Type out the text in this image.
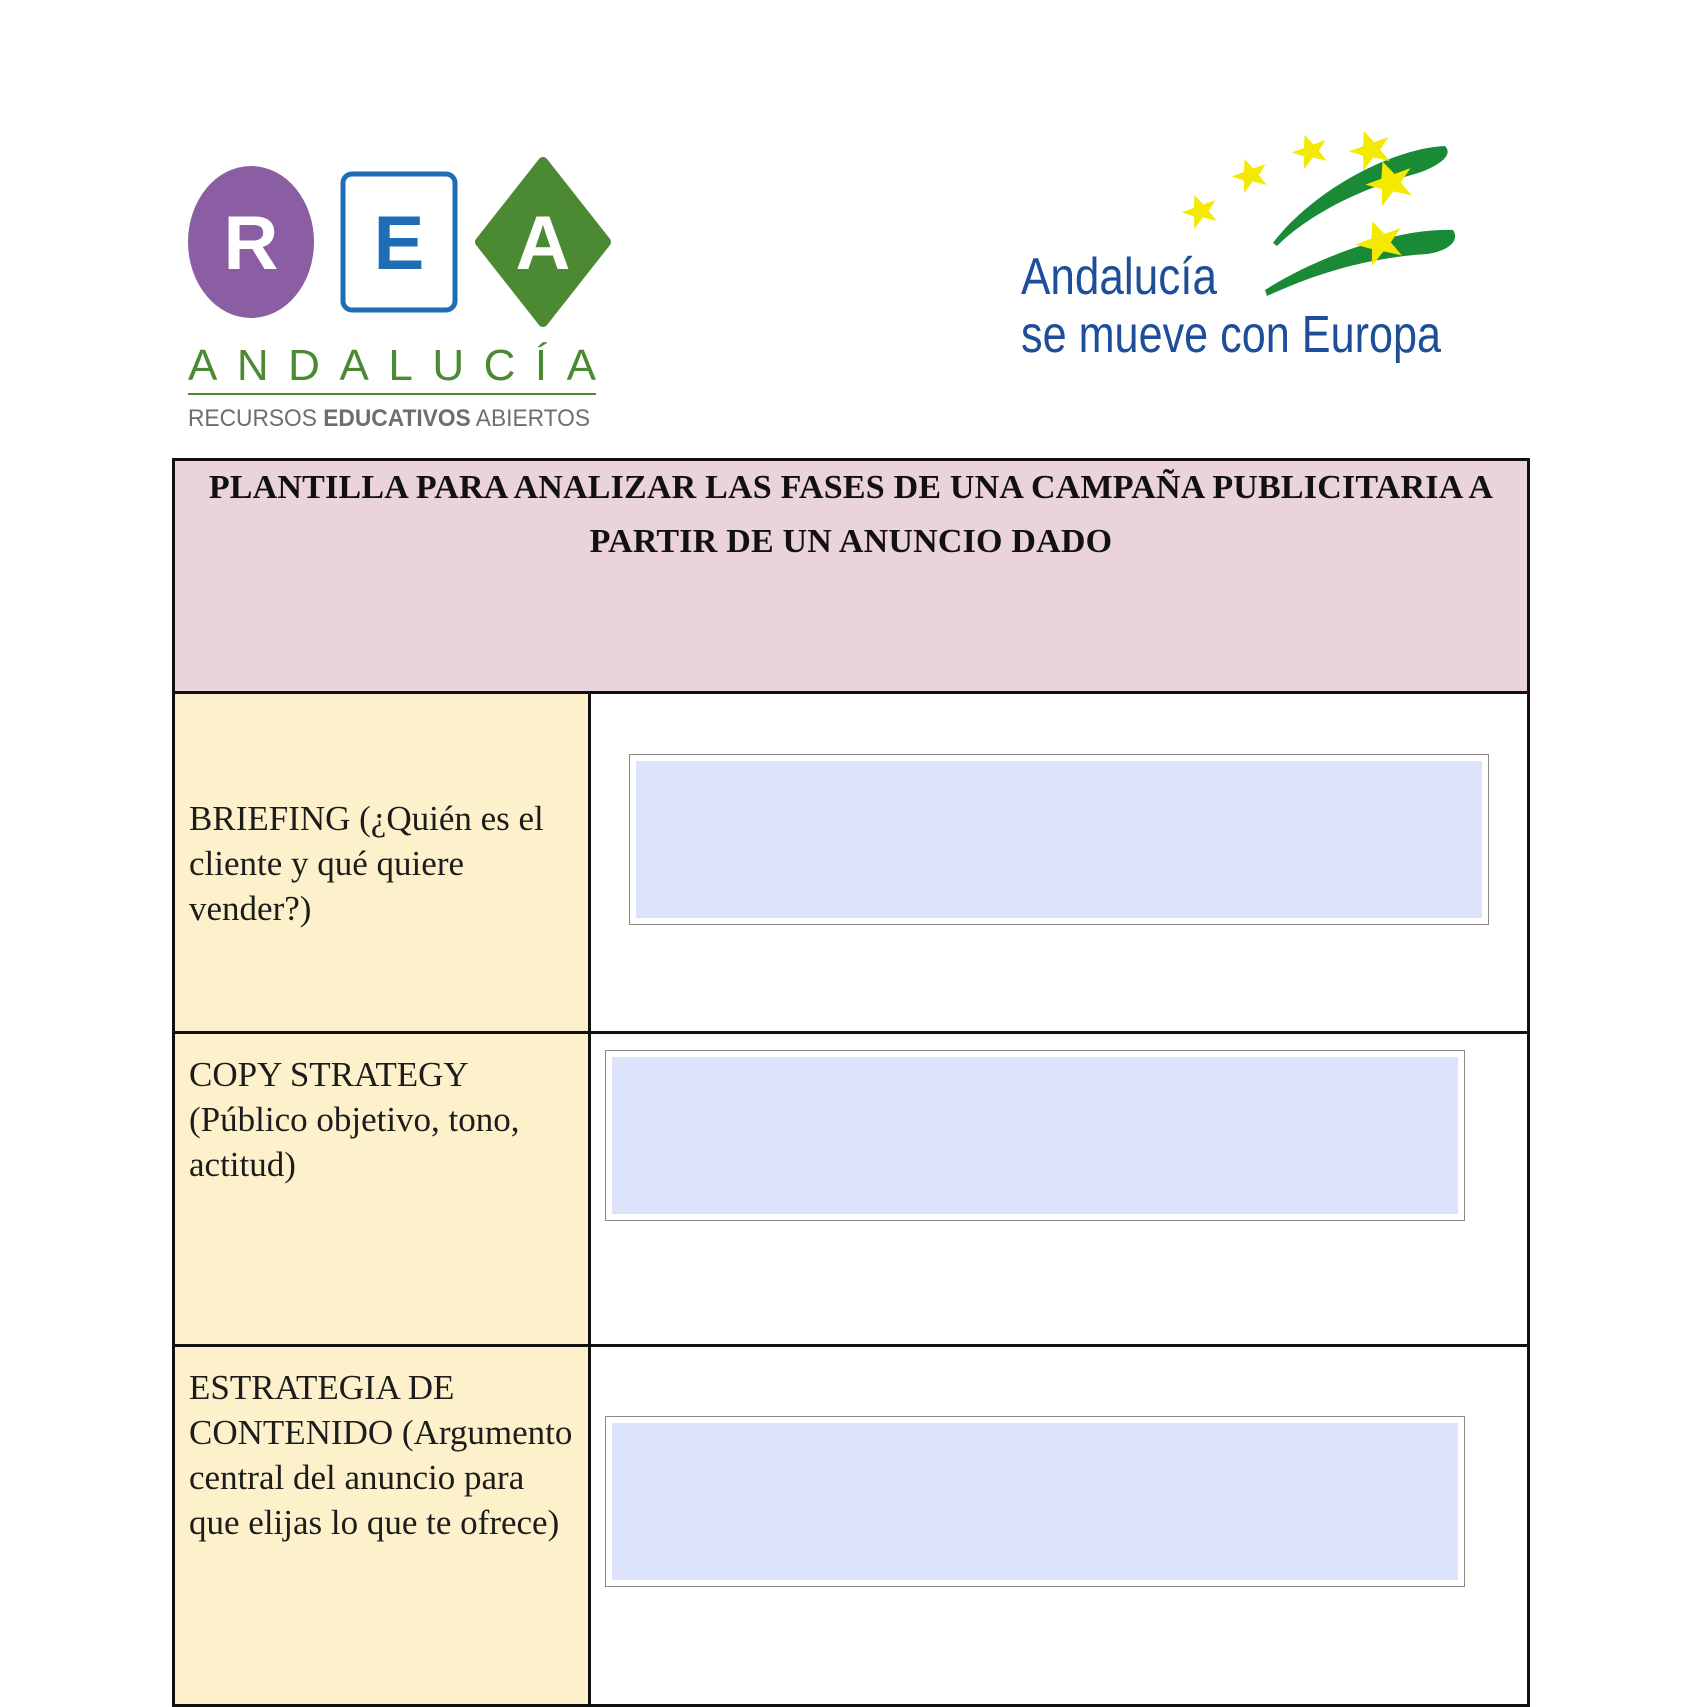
R E A
ANDALUCÍA
RECURSOS EDUCATIVOS ABIERTOS
Andalucía
se mueve con Europa

PLANTILLA PARA ANALIZAR LAS FASES DE UNA CAMPAÑA PUBLICITARIA A PARTIR DE UN ANUNCIO DADO	

BRIEFING (¿Quién es el cliente y qué quiere vender?)	

COPY STRATEGY (Público objetivo, tono, actitud)	

ESTRATEGIA DE CONTENIDO (Argumento central del anuncio para que elijas lo que te ofrece)	
